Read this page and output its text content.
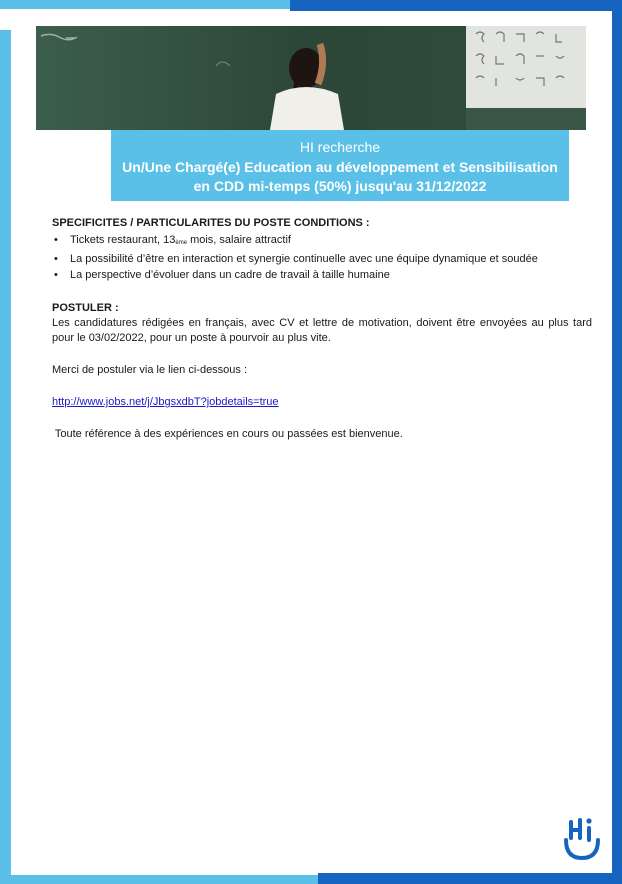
HI recherche
Un/Une Chargé(e) Education au développement et Sensibilisation
en CDD mi-temps (50%) jusqu'au 31/12/2022
SPECIFICITES / PARTICULARITES DU POSTE CONDITIONS :
• Tickets restaurant, 13ème mois, salaire attractif
• La possibilité d’être en interaction et synergie continuelle avec une équipe dynamique et soudée
• La perspective d’évoluer dans un cadre de travail à taille humaine
POSTULER :

Les candidatures rédigées en français, avec CV et lettre de motivation, doivent être envoyées au plus tard pour le 03/02/2022, pour un poste à pourvoir au plus vite.

Merci de postuler via le lien ci-dessous :

http://www.jobs.net/j/JbgsxdbT?jobdetails=true

Toute référence à des expériences en cours ou passées est bienvenue.
